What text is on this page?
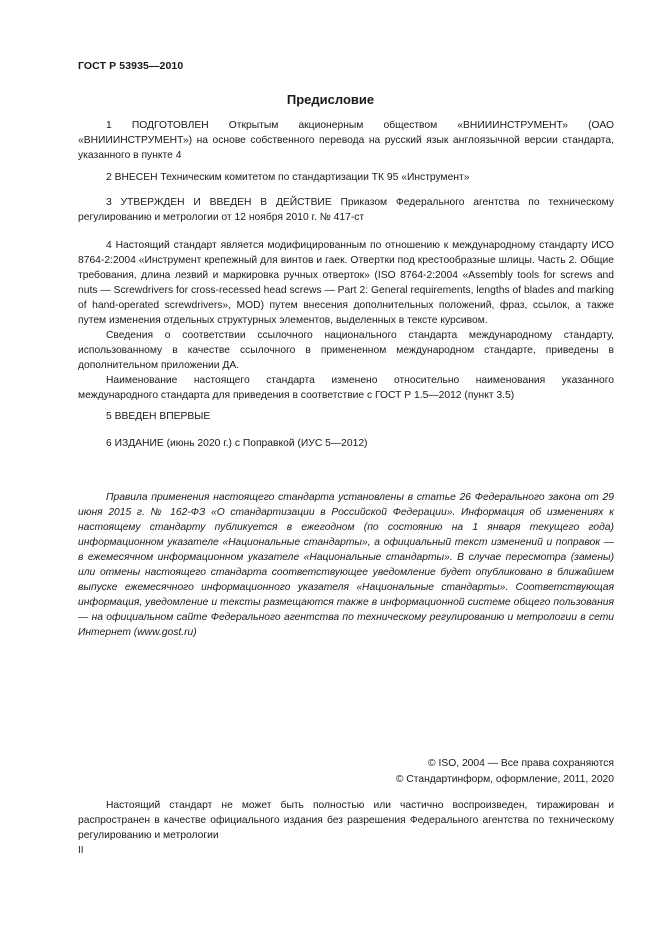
ГОСТ Р 53935—2010
Предисловие

1 ПОДГОТОВЛЕН Открытым акционерным обществом «ВНИИИНСТРУМЕНТ» (ОАО «ВНИИИНСТРУМЕНТ») на основе собственного перевода на русский язык англоязычной версии стандарта, указанного в пункте 4

2 ВНЕСЕН Техническим комитетом по стандартизации ТК 95 «Инструмент»

3 УТВЕРЖДЕН И ВВЕДЕН В ДЕЙСТВИЕ Приказом Федерального агентства по техническому регулированию и метрологии от 12 ноября 2010 г. № 417-ст

4 Настоящий стандарт является модифицированным по отношению к международному стандарту ИСО 8764-2:2004 «Инструмент крепежный для винтов и гаек. Отвертки под крестообразные шлицы. Часть 2. Общие требования, длина лезвий и маркировка ручных отверток» (ISO 8764-2:2004 «Assembly tools for screws and nuts — Screwdrivers for cross-recessed head screws — Part 2: General requirements, lengths of blades and marking of hand-operated screwdrivers», MOD) путем внесения дополнительных положений, фраз, ссылок, а также путем изменения отдельных структурных элементов, выделенных в тексте курсивом.

Сведения о соответствии ссылочного национального стандарта международному стандарту, использованному в качестве ссылочного в примененном международном стандарте, приведены в дополнительном приложении ДА.

Наименование настоящего стандарта изменено относительно наименования указанного международного стандарта для приведения в соответствие с ГОСТ Р 1.5—2012 (пункт 3.5)

5 ВВЕДЕН ВПЕРВЫЕ

6 ИЗДАНИЕ (июнь 2020 г.) с Поправкой (ИУС 5—2012)

Правила применения настоящего стандарта установлены в статье 26 Федерального закона от 29 июня 2015 г. № 162-ФЗ «О стандартизации в Российской Федерации». Информация об изменениях к настоящему стандарту публикуется в ежегодном (по состоянию на 1 января текущего года) информационном указателе «Национальные стандарты», а официальный текст изменений и поправок — в ежемесячном информационном указателе «Национальные стандарты». В случае пересмотра (замены) или отмены настоящего стандарта соответствующее уведомление будет опубликовано в ближайшем выпуске ежемесячного информационного указателя «Национальные стандарты». Соответствующая информация, уведомление и тексты размещаются также в информационной системе общего пользования — на официальном сайте Федерального агентства по техническому регулированию и метрологии в сети Интернет (www.gost.ru)

© ISO, 2004 — Все права сохраняются
© Стандартинформ, оформление, 2011, 2020

Настоящий стандарт не может быть полностью или частично воспроизведен, тиражирован и распространен в качестве официального издания без разрешения Федерального агентства по техническому регулированию и метрологии

II
